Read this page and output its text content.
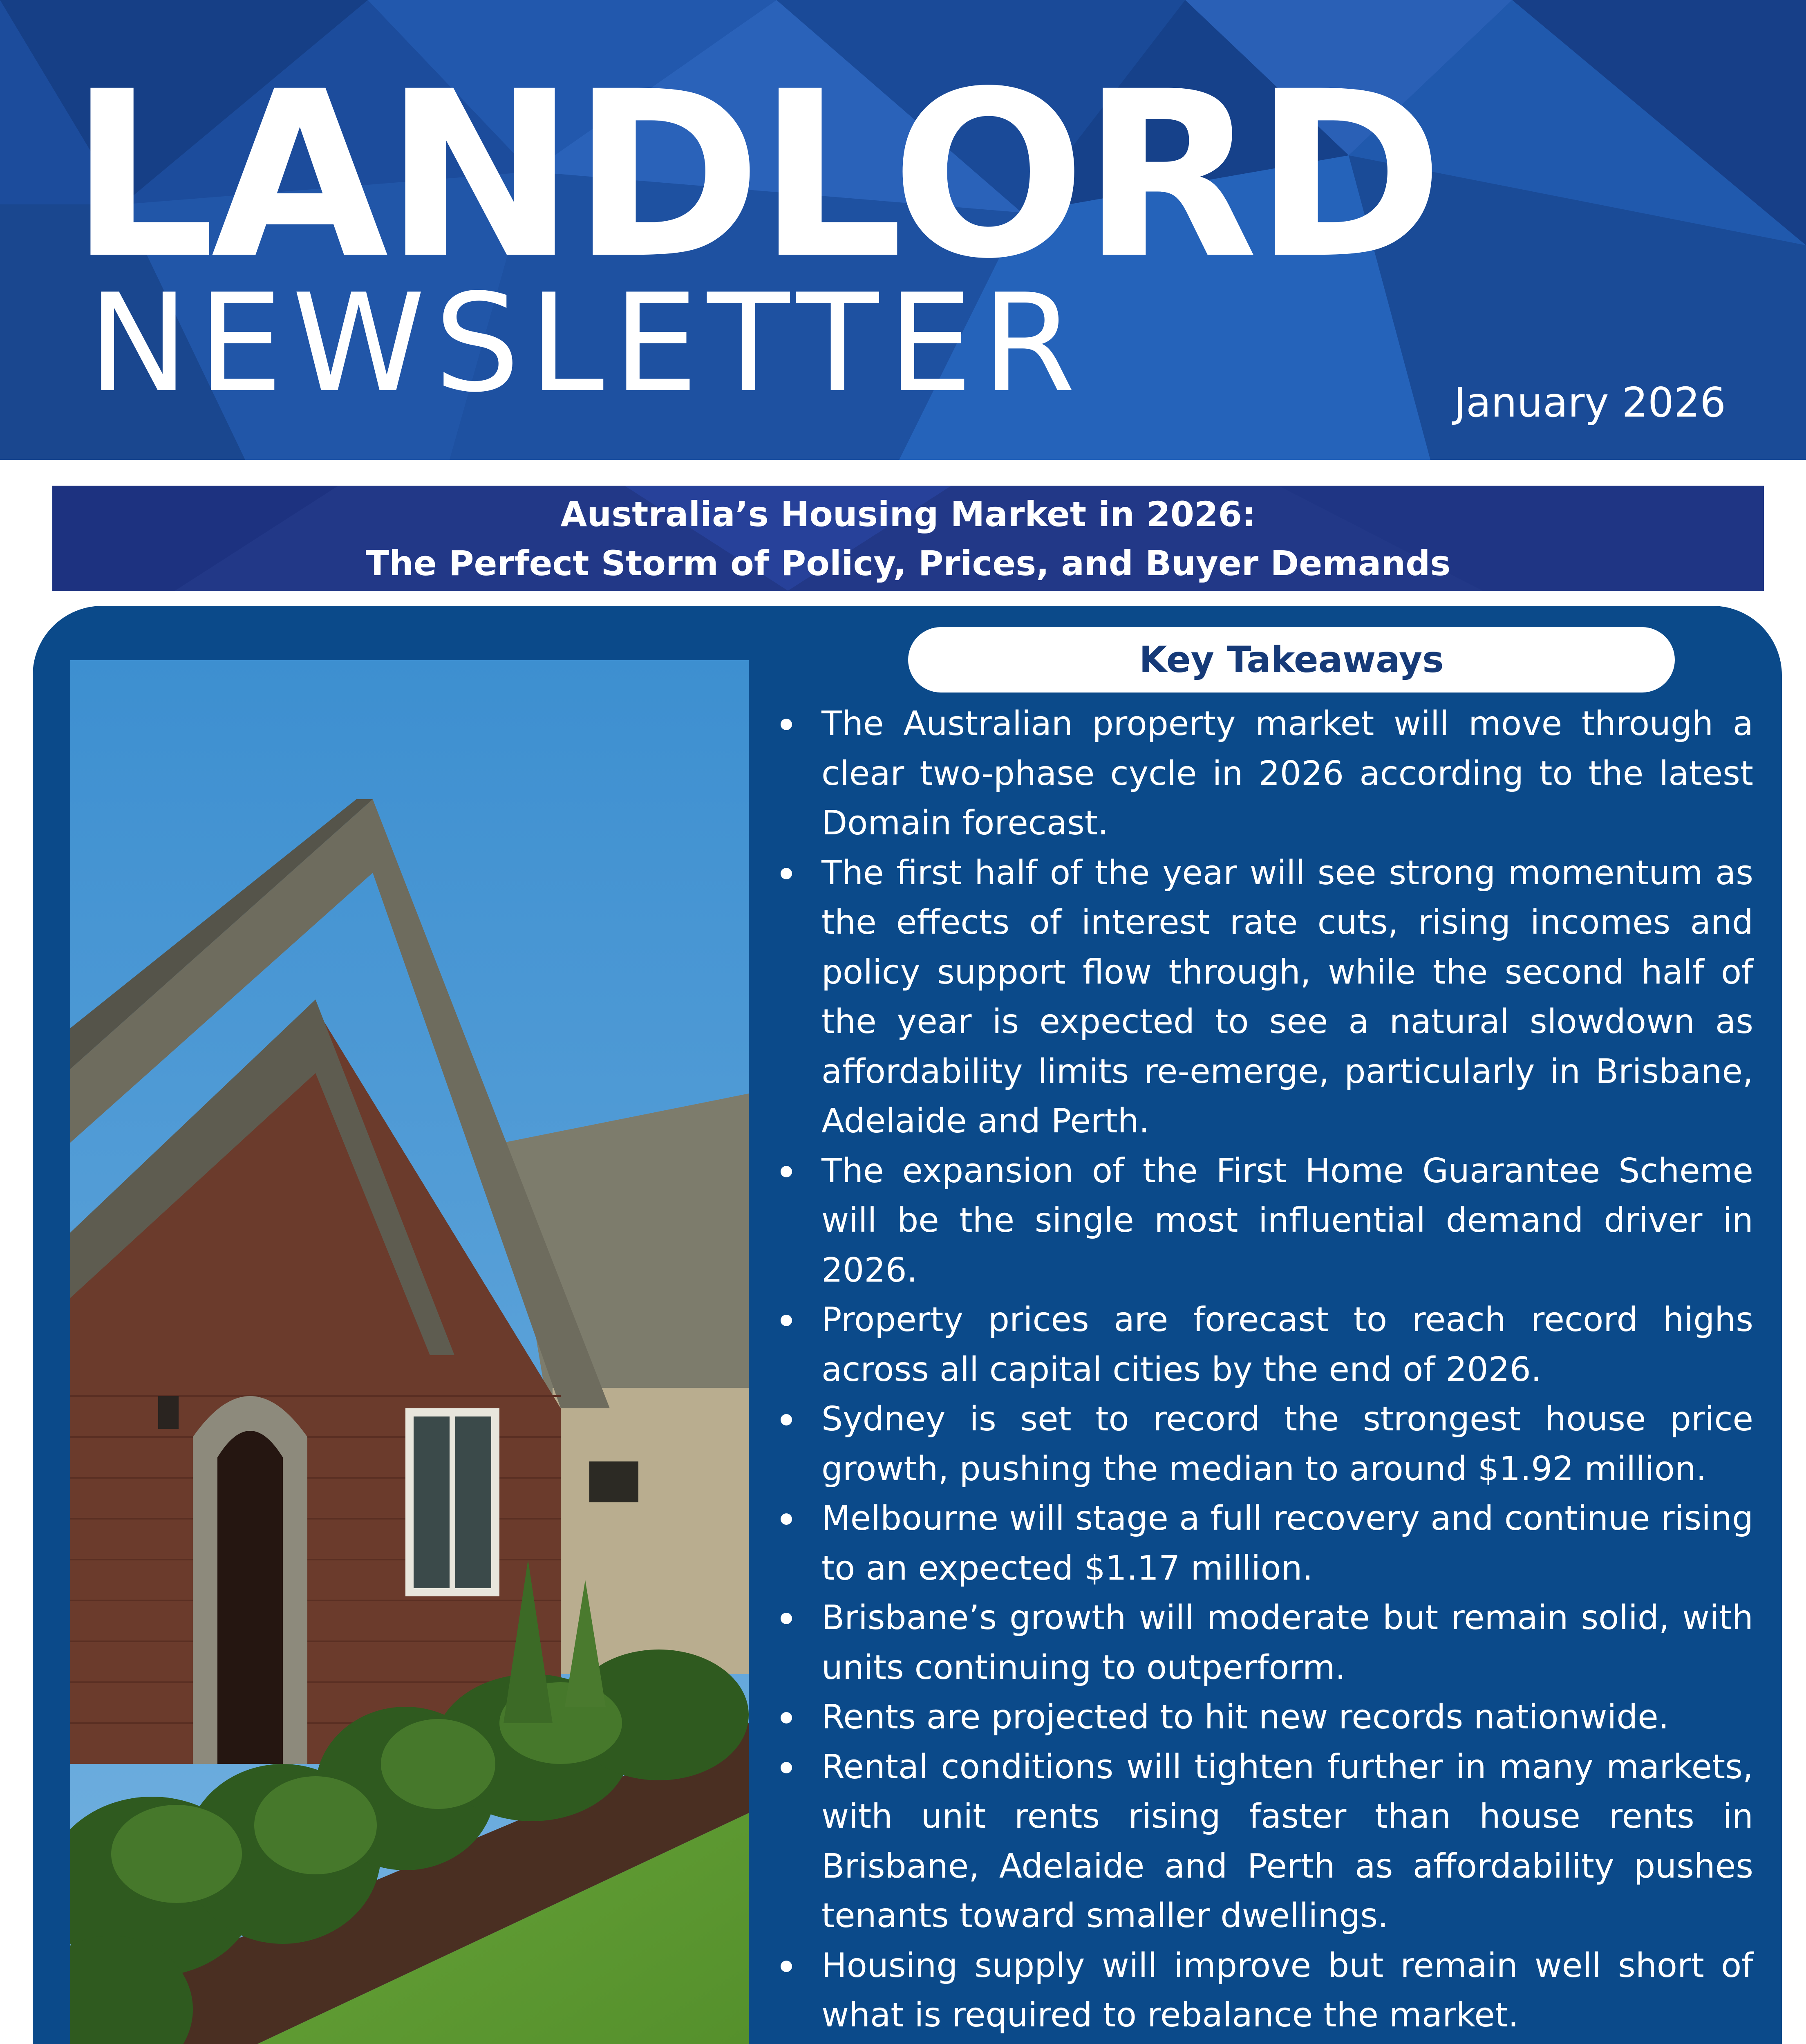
LANDLORD
NEWSLETTER	January 2026
Australia’s Housing Market in 2026:
The Perfect Storm of Policy, Prices, and Buyer Demands
Key Takeaways
The Australian property market will move through a clear two-phase cycle in 2026 according to the latest Domain forecast.
The first half of the year will see strong momentum as the effects of interest rate cuts, rising incomes and policy support flow through, while the second half of the year is expected to see a natural slowdown as affordability limits re-emerge, particularly in Brisbane, Adelaide and Perth.
The expansion of the First Home Guarantee Scheme will be the single most influential demand driver in 2026.
Property prices are forecast to reach record highs across all capital cities by the end of 2026.
Sydney is set to record the strongest house price growth, pushing the median to around $1.92 million.
Melbourne will stage a full recovery and continue rising to an expected $1.17 million.
Brisbane’s growth will moderate but remain solid, with units continuing to outperform.
Rents are projected to hit new records nationwide.
Rental conditions will tighten further in many markets, with unit rents rising faster than house rents in Brisbane, Adelaide and Perth as affordability pushes tenants toward smaller dwellings.
Housing supply will improve but remain well short of what is required to rebalance the market.
